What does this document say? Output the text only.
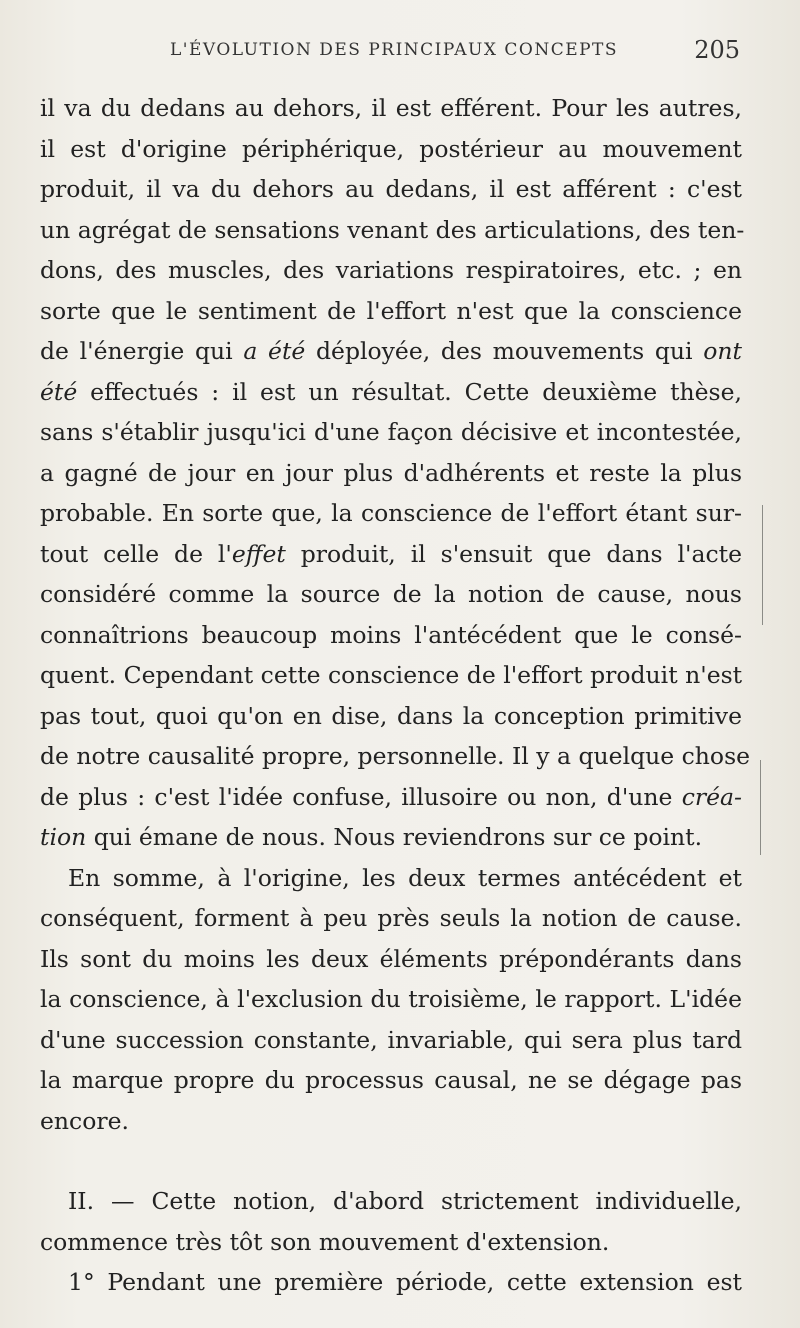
L'ÉVOLUTION DES PRINCIPAUX CONCEPTS	205
il va du dedans au dehors, il est efférent. Pour les autres,
il est d'origine périphérique, postérieur au mouvement
produit, il va du dehors au dedans, il est afférent : c'est
un agrégat de sensations venant des articulations, des ten-
dons, des muscles, des variations respiratoires, etc. ; en
sorte que le sentiment de l'effort n'est que la conscience
de l'énergie qui a été déployée, des mouvements qui ont
été effectués : il est un résultat. Cette deuxième thèse,
sans s'établir jusqu'ici d'une façon décisive et incontestée,
a gagné de jour en jour plus d'adhérents et reste la plus
probable. En sorte que, la conscience de l'effort étant sur-
tout celle de l'effet produit, il s'ensuit que dans l'acte
considéré comme la source de la notion de cause, nous
connaîtrions beaucoup moins l'antécédent que le consé-
quent. Cependant cette conscience de l'effort produit n'est
pas tout, quoi qu'on en dise, dans la conception primitive
de notre causalité propre, personnelle. Il y a quelque chose
de plus : c'est l'idée confuse, illusoire ou non, d'une créa-
tion qui émane de nous. Nous reviendrons sur ce point.
En somme, à l'origine, les deux termes antécédent et
conséquent, forment à peu près seuls la notion de cause.
Ils sont du moins les deux éléments prépondérants dans
la conscience, à l'exclusion du troisième, le rapport. L'idée
d'une succession constante, invariable, qui sera plus tard
la marque propre du processus causal, ne se dégage pas
encore.
II. — Cette notion, d'abord strictement individuelle,
commence très tôt son mouvement d'extension.
1° Pendant une première période, cette extension est
